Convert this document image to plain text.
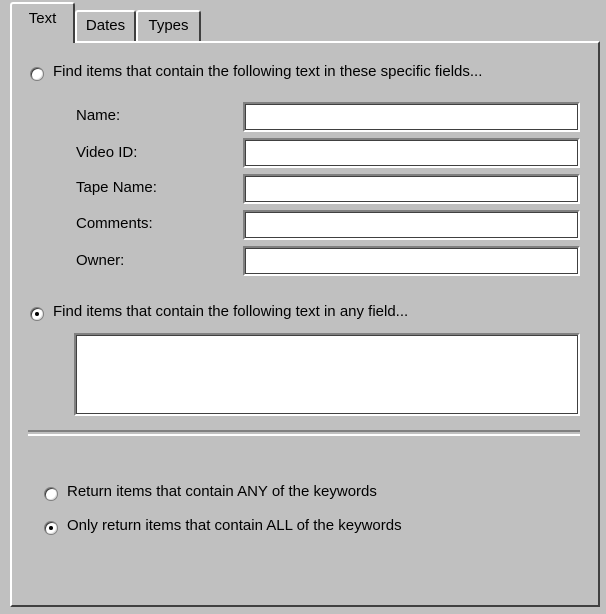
Text	Dates	Types
Find items that contain the following text in these specific fields...
Name:
Video ID:
Tape Name:
Comments:
Owner:
Find items that contain the following text in any field...
Return items that contain ANY of the keywords
Only return items that contain ALL of the keywords
